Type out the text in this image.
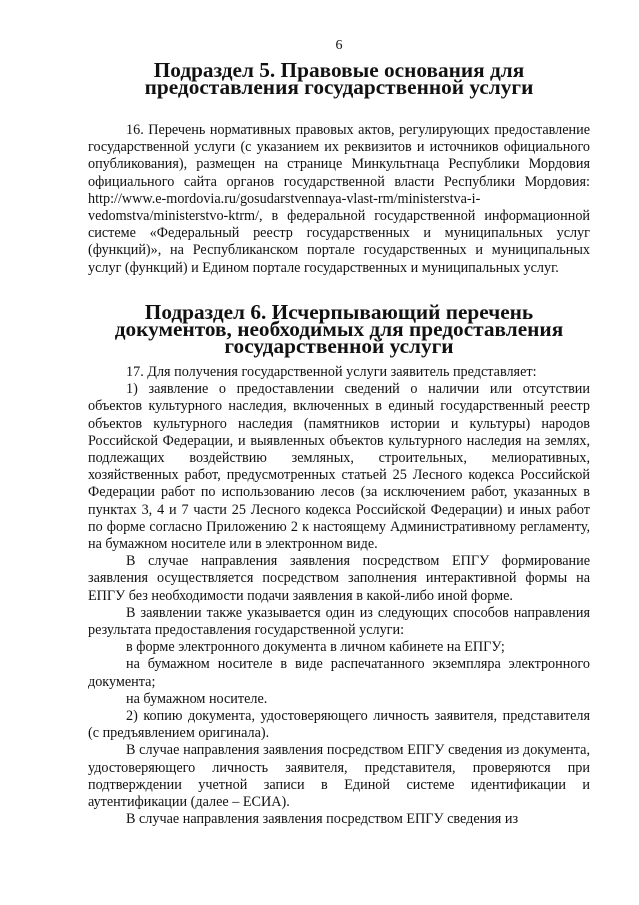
6
Подраздел 5. Правовые основания для предоставления государственной услуги

16. Перечень нормативных правовых актов, регулирующих предоставление государственной услуги (с указанием их реквизитов и источников официального опубликования), размещен на странице Минкультнаца Республики Мордовия официального сайта органов государственной власти Республики Мордовия: http://www.e-mordovia.ru/gosudarstvennaya-vlast-rm/ministerstva-i-vedomstva/ministerstvo-ktrm/, в федеральной государственной информационной системе «Федеральный реестр государственных и муниципальных услуг (функций)», на Республиканском портале государственных и муниципальных услуг (функций) и Едином портале государственных и муниципальных услуг.

Подраздел 6. Исчерпывающий перечень документов, необходимых для предоставления государственной услуги

17. Для получения государственной услуги заявитель представляет:

1) заявление о предоставлении сведений о наличии или отсутствии объектов культурного наследия, включенных в единый государственный реестр объектов культурного наследия (памятников истории и культуры) народов Российской Федерации, и выявленных объектов культурного наследия на землях, подлежащих воздействию земляных, строительных, мелиоративных, хозяйственных работ, предусмотренных статьей 25 Лесного кодекса Российской Федерации работ по использованию лесов (за исключением работ, указанных в пунктах 3, 4 и 7 части 25 Лесного кодекса Российской Федерации) и иных работ по форме согласно Приложению 2 к настоящему Административному регламенту, на бумажном носителе или в электронном виде.

В случае направления заявления посредством ЕПГУ формирование заявления осуществляется посредством заполнения интерактивной формы на ЕПГУ без необходимости подачи заявления в какой-либо иной форме.

В заявлении также указывается один из следующих способов направления результата предоставления государственной услуги:

в форме электронного документа в личном кабинете на ЕПГУ;

на бумажном носителе в виде распечатанного экземпляра электронного документа;

на бумажном носителе.

2) копию документа, удостоверяющего личность заявителя, представителя (с предъявлением оригинала).

В случае направления заявления посредством ЕПГУ сведения из документа, удостоверяющего личность заявителя, представителя, проверяются при подтверждении учетной записи в Единой системе идентификации и аутентификации (далее – ЕСИА).

В случае направления заявления посредством ЕПГУ сведения из
